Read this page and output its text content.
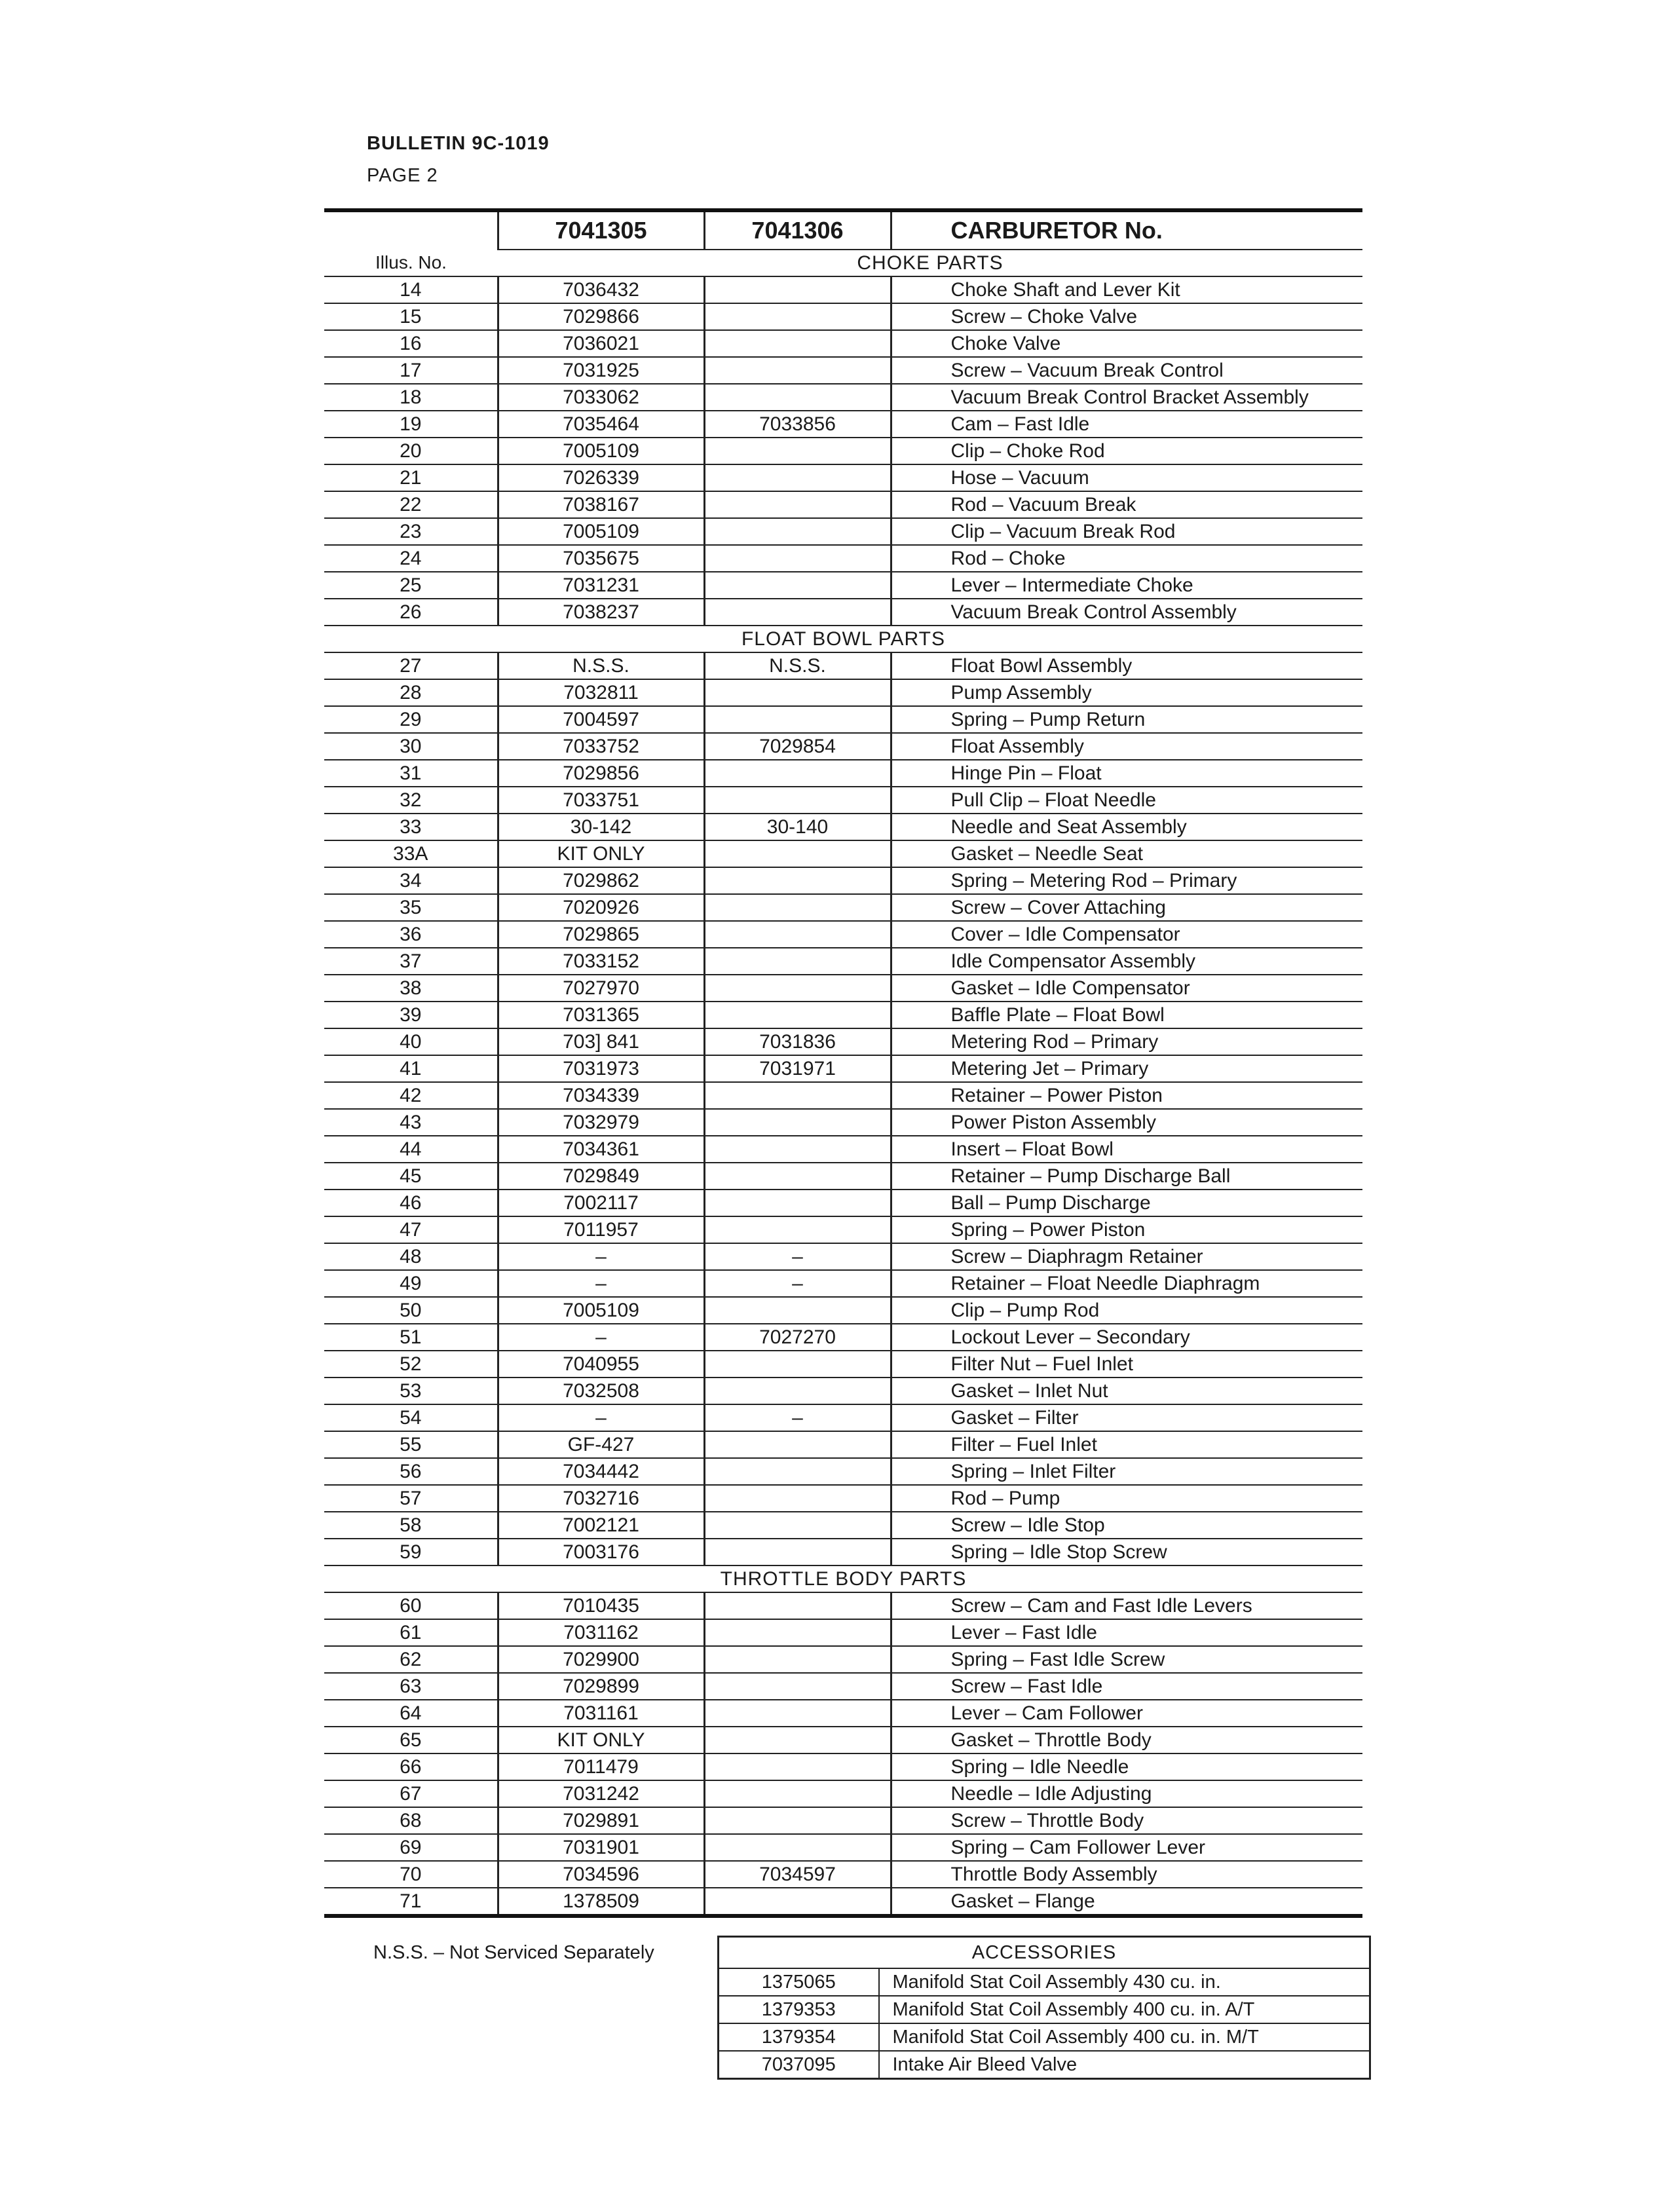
BULLETIN 9C-1019
PAGE 2
	7041305	7041306	CARBURETOR No.
Illus. No.	CHOKE PARTS		
14	7036432		Choke Shaft and Lever Kit
15	7029866		Screw – Choke Valve
16	7036021		Choke Valve
17	7031925		Screw – Vacuum Break Control
18	7033062		Vacuum Break Control Bracket Assembly
19	7035464	7033856	Cam – Fast Idle
20	7005109		Clip – Choke Rod
21	7026339		Hose – Vacuum
22	7038167		Rod – Vacuum Break
23	7005109		Clip – Vacuum Break Rod
24	7035675		Rod – Choke
25	7031231		Lever – Intermediate Choke
26	7038237		Vacuum Break Control Assembly
FLOAT BOWL PARTS			
27	N.S.S.	N.S.S.	Float Bowl Assembly
28	7032811		Pump Assembly
29	7004597		Spring – Pump Return
30	7033752	7029854	Float Assembly
31	7029856		Hinge Pin – Float
32	7033751		Pull Clip – Float Needle
33	30-142	30-140	Needle and Seat Assembly
33A	KIT ONLY		Gasket – Needle Seat
34	7029862		Spring – Metering Rod – Primary
35	7020926		Screw – Cover Attaching
36	7029865		Cover – Idle Compensator
37	7033152		Idle Compensator Assembly
38	7027970		Gasket – Idle Compensator
39	7031365		Baffle Plate – Float Bowl
40	703] 841	7031836	Metering Rod – Primary
41	7031973	7031971	Metering Jet – Primary
42	7034339		Retainer – Power Piston
43	7032979		Power Piston Assembly
44	7034361		Insert – Float Bowl
45	7029849		Retainer – Pump Discharge Ball
46	7002117		Ball – Pump Discharge
47	7011957		Spring – Power Piston
48	–	–	Screw – Diaphragm Retainer
49	–	–	Retainer – Float Needle Diaphragm
50	7005109		Clip – Pump Rod
51	–	7027270	Lockout Lever – Secondary
52	7040955		Filter Nut – Fuel Inlet
53	7032508		Gasket – Inlet Nut
54	–	–	Gasket – Filter
55	GF-427		Filter – Fuel Inlet
56	7034442		Spring – Inlet Filter
57	7032716		Rod – Pump
58	7002121		Screw – Idle Stop
59	7003176		Spring – Idle Stop Screw
THROTTLE BODY PARTS			
60	7010435		Screw – Cam and Fast Idle Levers
61	7031162		Lever – Fast Idle
62	7029900		Spring – Fast Idle Screw
63	7029899		Screw – Fast Idle
64	7031161		Lever – Cam Follower
65	KIT ONLY		Gasket – Throttle Body
66	7011479		Spring – Idle Needle
67	7031242		Needle – Idle Adjusting
68	7029891		Screw – Throttle Body
69	7031901		Spring – Cam Follower Lever
70	7034596	7034597	Throttle Body Assembly
71	1378509		Gasket – Flange
N.S.S. – Not Serviced Separately	ACCESSORIES	
1375065	Manifold Stat Coil Assembly 430 cu. in.
1379353	Manifold Stat Coil Assembly 400 cu. in. A/T
1379354	Manifold Stat Coil Assembly 400 cu. in. M/T
7037095	Intake Air Bleed Valve
